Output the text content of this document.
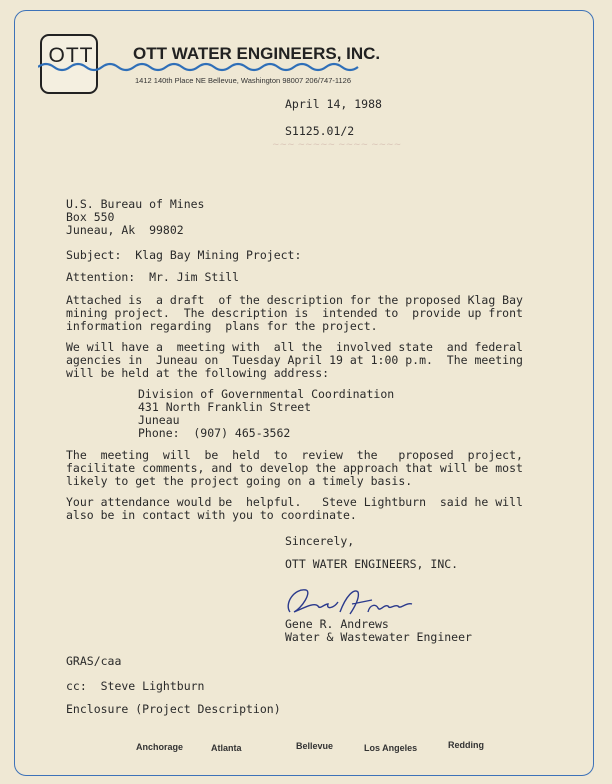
OTT OTT WATER ENGINEERS, INC.
1412 140th Place NE Bellevue, Washington 98007 206/747-1126
~~~ ~~~~~ ~~~~ ~~~~
April 14, 1988
S1125.01/2
U.S. Bureau of Mines
Box 550
Juneau, Ak  99802
Subject:  Klag Bay Mining Project:
Attention:  Mr. Jim Still
Attached is  a draft  of the description for the proposed Klag Bay
mining project.  The description is  intended to  provide up front
information regarding  plans for the project.
We will have a  meeting with  all the  involved state  and federal
agencies in  Juneau on  Tuesday April 19 at 1:00 p.m.  The meeting
will be held at the following address:
Division of Governmental Coordination
431 North Franklin Street
Juneau
Phone:  (907) 465-3562
The  meeting  will  be  held  to  review  the   proposed  project,
facilitate comments, and to develop the approach that will be most
likely to get the project going on a timely basis.
Your attendance would be  helpful.   Steve Lightburn  said he will
also be in contact with you to coordinate.
Sincerely,
OTT WATER ENGINEERS, INC.
Gene R. Andrews
Water & Wastewater Engineer
GRAS/caa
cc:  Steve Lightburn
Enclosure (Project Description)
Anchorage	Atlanta	Bellevue	Los Angeles	Redding
